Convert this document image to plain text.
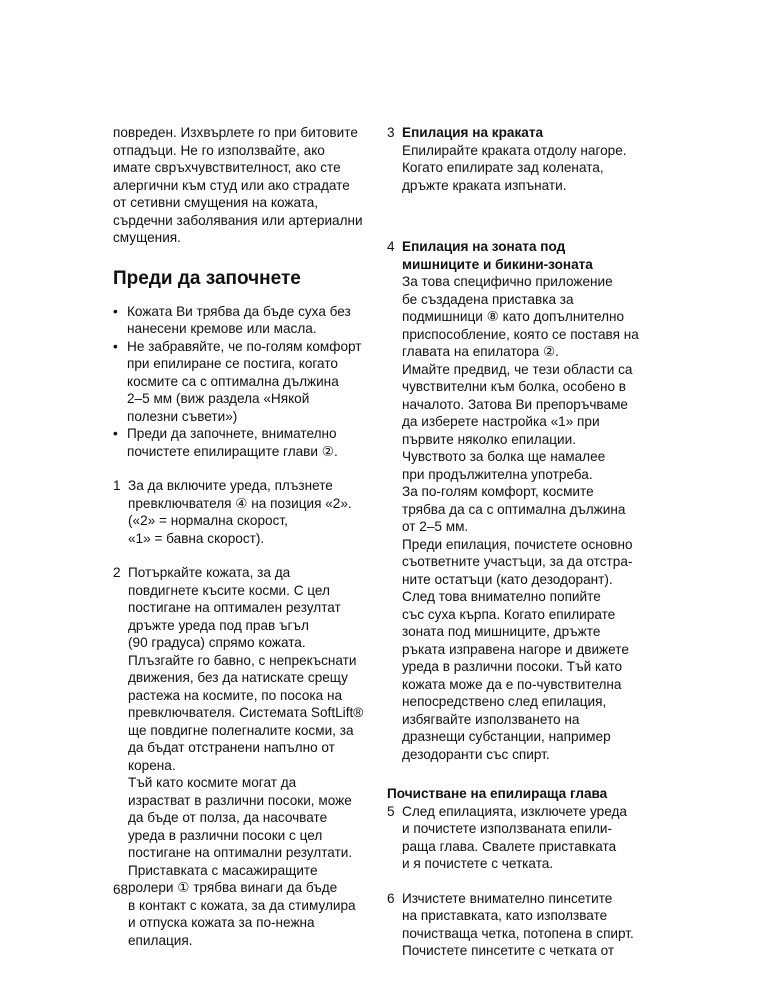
повреден. Изхвърлете го при битовите
отпадъци. Не го използвайте, ако
имате свръхчувствителност, ако сте
алергични към студ или ако страдате
от сетивни смущения на кожата,
сърдечни заболявания или артериални
смущения.
Преди да започнете
• Кожата Ви трябва да бъде суха без
нанесени кремове или масла.
• Не забравяйте, че по-голям комфорт
при епилиране се постига, когато
космите са с оптимална дължина
2–5 мм (виж раздела «Някой
полезни съвети»)
• Преди да започнете, внимателно
почистете епилиращите глави ②.
1 За да включите уреда, плъзнете
превключвателя ④ на позиция «2».
(«2» = нормална скорост,
«1» = бавна скорост).
2 Потъркайте кожата, за да
повдигнете късите косми. С цел
постигане на оптимален резултат
дръжте уреда под прав ъгъл
(90 градуса) спрямо кожата.
Плъзгайте го бавно, с непрекъснати
движения, без да натискате срещу
растежа на космите, по посока на
превключвателя. Системата SoftLift®
ще повдигне полегналите косми, за
да бъдат отстранени напълно от
корена.
Тъй като космите могат да
израстват в различни посоки, може
да бъде от полза, да насочвате
уреда в различни посоки с цел
постигане на оптимални резултати.
Приставката с масажиращите
ролери ① трябва винаги да бъде
в контакт с кожата, за да стимулира
и отпуска кожата за по-нежна
епилация.
3 Епилация на краката
Епилирайте краката отдолу нагоре.
Когато епилирате зад колената,
дръжте краката изпънати.
4 Епилация на зоната под
мишниците и бикини-зоната
За това специфично приложение
бе създадена приставка за
подмишници ⑧ като допълнително
приспособление, която се поставя на
главата на епилатора ②.
Имайте предвид, че тези области са
чувствителни към болка, особено в
началото. Затова Ви препоръчваме
да изберете настройка «1» при
първите няколко епилации.
Чувството за болка ще намалее
при продължителна употреба.
За по-голям комфорт, космите
трябва да са с оптимална дължина
от 2–5 мм.
Преди епилация, почистете основно
съответните участъци, за да отстра-
ните остатъци (като дезодорант).
След това внимателно попийте
със суха кърпа. Когато епилирате
зоната под мишниците, дръжте
ръката изправена нагоре и движете
уреда в различни посоки. Тъй като
кожата може да е по-чувствителна
непосредствено след епилация,
избягвайте използването на
дразнещи субстанции, например
дезодоранти със спирт.
Почистване на епилираща глава
5 След епилацията, изключете уреда
и почистете използваната епили-
раща глава. Свалете приставката
и я почистете с четката.
6 Изчистете внимателно пинсетите
на приставката, като използвате
почистваща четка, потопена в спирт.
Почистете пинсетите с четката от
68
